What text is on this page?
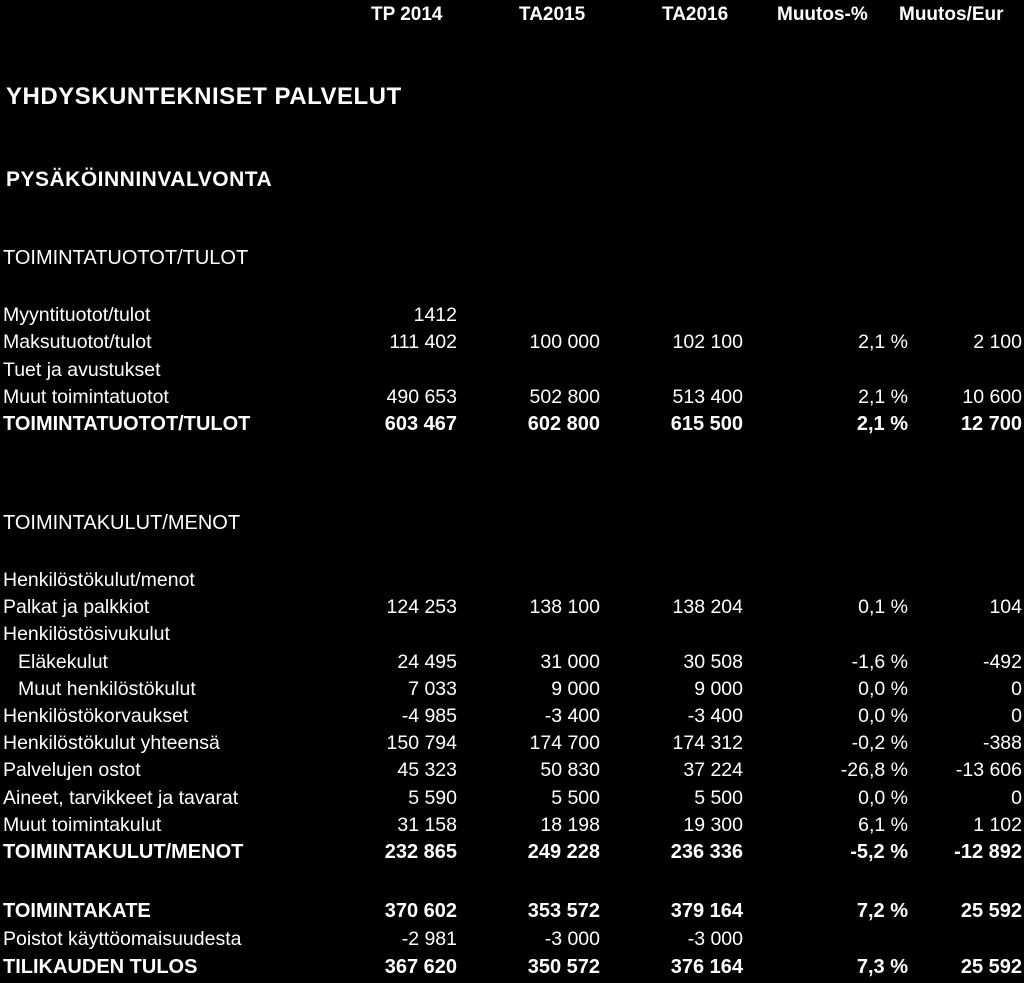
TP 2014	TA2015	TA2016	Muutos-% Muutos/Eur
YHDYSKUNTEKNISET PALVELUT
PYSÄKÖINNINVALVONTA
TOIMINTATUOTOT/TULOT
Myyntituotot/tulot	1412
Maksutuotot/tulot	111 402	100 000	102 100	2,1 %	2 100
Tuet ja avustukset
Muut toimintatuotot	490 653	502 800	513 400	2,1 %	10 600
TOIMINTATUOTOT/TULOT	603 467	602 800	615 500	2,1 %	12 700
TOIMINTAKULUT/MENOT
Henkilöstökulut/menot
Palkat ja palkkiot	124 253	138 100	138 204	0,1 %	104
Henkilöstösivukulut
Eläkekulut	24 495	31 000	30 508	-1,6 %	-492
Muut henkilöstökulut	7 033	9 000	9 000	0,0 %	0
Henkilöstökorvaukset	-4 985	-3 400	-3 400	0,0 %	0
Henkilöstökulut yhteensä	150 794	174 700	174 312	-0,2 %	-388
Palvelujen ostot	45 323	50 830	37 224	-26,8 % -13 606
Aineet, tarvikkeet ja tavarat	5 590	5 500	5 500	0,0 %	0
Muut toimintakulut	31 158	18 198	19 300	6,1 %	1 102
TOIMINTAKULUT/MENOT	232 865	249 228	236 336	-5,2 % -12 892
TOIMINTAKATE	370 602	353 572	379 164	7,2 %	25 592
Poistot käyttöomaisuudesta	-2 981	-3 000	-3 000
TILIKAUDEN TULOS	367 620	350 572	376 164	7,3 %	25 592
